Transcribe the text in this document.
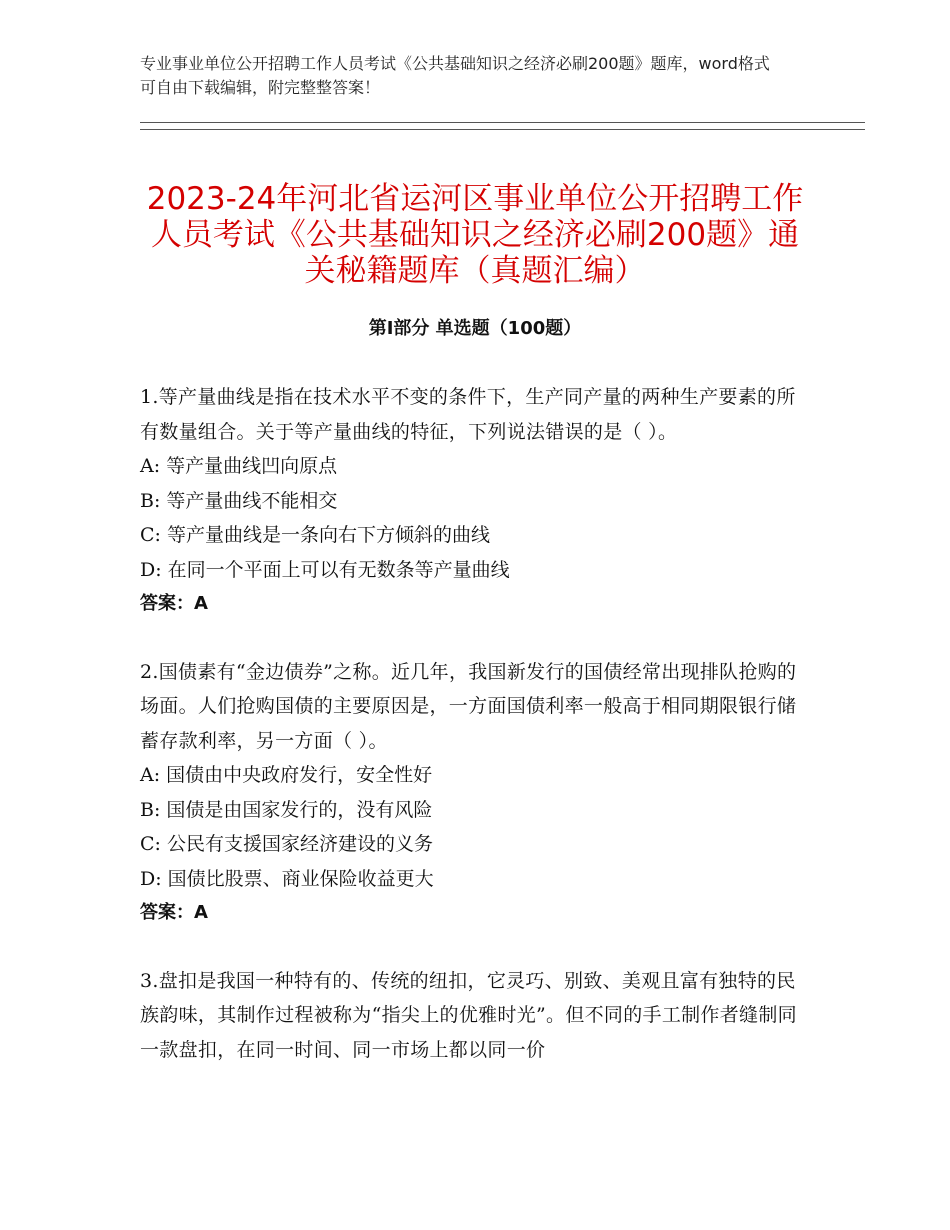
专业事业单位公开招聘工作人员考试《公共基础知识之经济必刷200题》题库，word格式可自由下载编辑，附完整整答案！
2023-24年河北省运河区事业单位公开招聘工作人员考试《公共基础知识之经济必刷200题》通关秘籍题库（真题汇编）
第Ⅰ部分 单选题（100题）

1.等产量曲线是指在技术水平不变的条件下，生产同产量的两种生产要素的所有数量组合。关于等产量曲线的特征，下列说法错误的是（ ）。

A: 等产量曲线凹向原点

B: 等产量曲线不能相交

C: 等产量曲线是一条向右下方倾斜的曲线

D: 在同一个平面上可以有无数条等产量曲线

答案：A

2.国债素有“金边债券”之称。近几年，我国新发行的国债经常出现排队抢购的场面。人们抢购国债的主要原因是，一方面国债利率一般高于相同期限银行储蓄存款利率，另一方面（ ）。

A: 国债由中央政府发行，安全性好

B: 国债是由国家发行的，没有风险

C: 公民有支援国家经济建设的义务

D: 国债比股票、商业保险收益更大

答案：A

3.盘扣是我国一种特有的、传统的纽扣，它灵巧、别致、美观且富有独特的民族韵味，其制作过程被称为“指尖上的优雅时光”。但不同的手工制作者缝制同一款盘扣，在同一时间、同一市场上都以同一价
